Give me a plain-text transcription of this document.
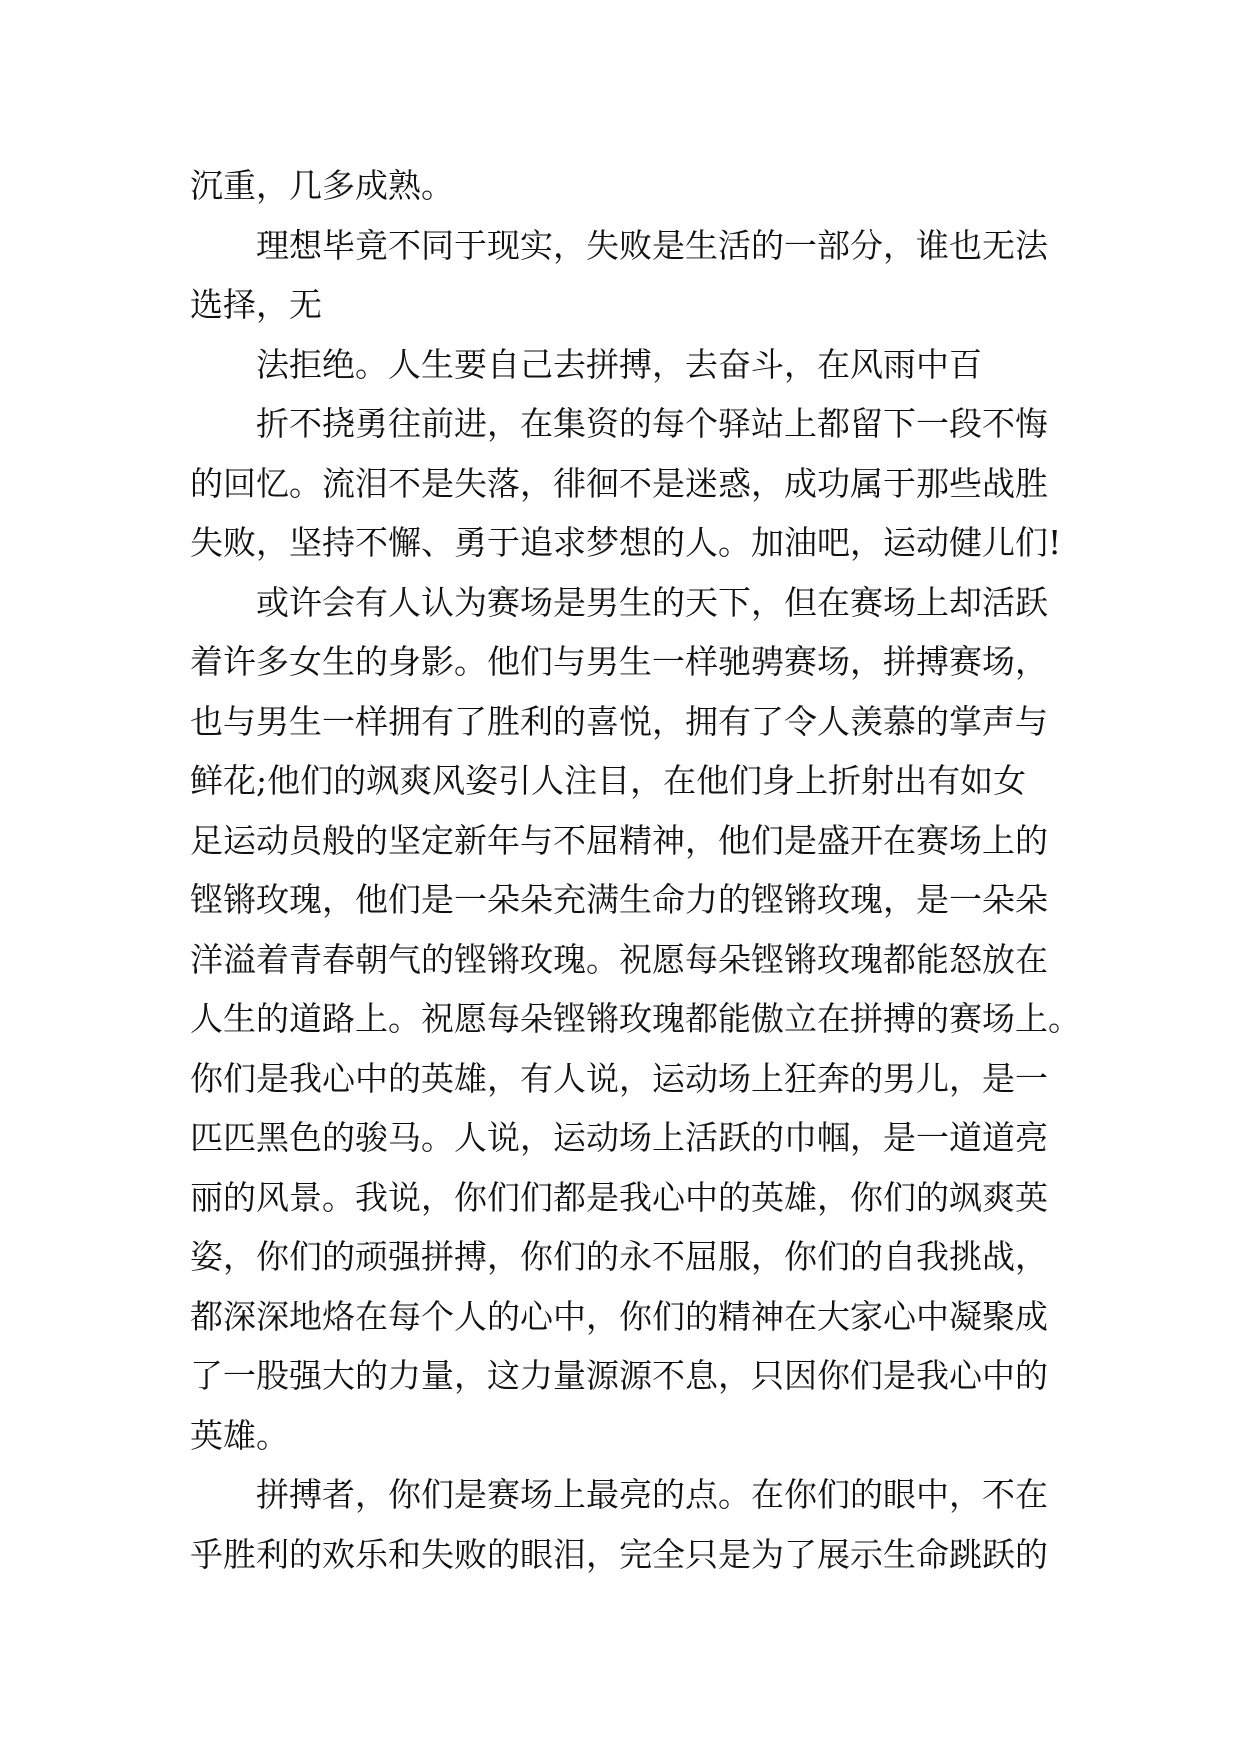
沉重，几多成熟。
理想毕竟不同于现实，失败是生活的一部分，谁也无法
选择，无
法拒绝。人生要自己去拼搏，去奋斗，在风雨中百
折不挠勇往前进，在集资的每个驿站上都留下一段不悔
的回忆。流泪不是失落，徘徊不是迷惑，成功属于那些战胜
失败，坚持不懈、勇于追求梦想的人。加油吧，运动健儿们!
或许会有人认为赛场是男生的天下，但在赛场上却活跃
着许多女生的身影。他们与男生一样驰骋赛场，拼搏赛场，
也与男生一样拥有了胜利的喜悦，拥有了令人羡慕的掌声与
鲜花;他们的飒爽风姿引人注目，在他们身上折射出有如女
足运动员般的坚定新年与不屈精神，他们是盛开在赛场上的
铿锵玫瑰，他们是一朵朵充满生命力的铿锵玫瑰，是一朵朵
洋溢着青春朝气的铿锵玫瑰。祝愿每朵铿锵玫瑰都能怒放在
人生的道路上。祝愿每朵铿锵玫瑰都能傲立在拼搏的赛场上。
你们是我心中的英雄，有人说，运动场上狂奔的男儿，是一
匹匹黑色的骏马。人说，运动场上活跃的巾帼，是一道道亮
丽的风景。我说，你们们都是我心中的英雄，你们的飒爽英
姿，你们的顽强拼搏，你们的永不屈服，你们的自我挑战，
都深深地烙在每个人的心中，你们的精神在大家心中凝聚成
了一股强大的力量，这力量源源不息，只因你们是我心中的
英雄。
拼搏者，你们是赛场上最亮的点。在你们的眼中，不在
乎胜利的欢乐和失败的眼泪，完全只是为了展示生命跳跃的
